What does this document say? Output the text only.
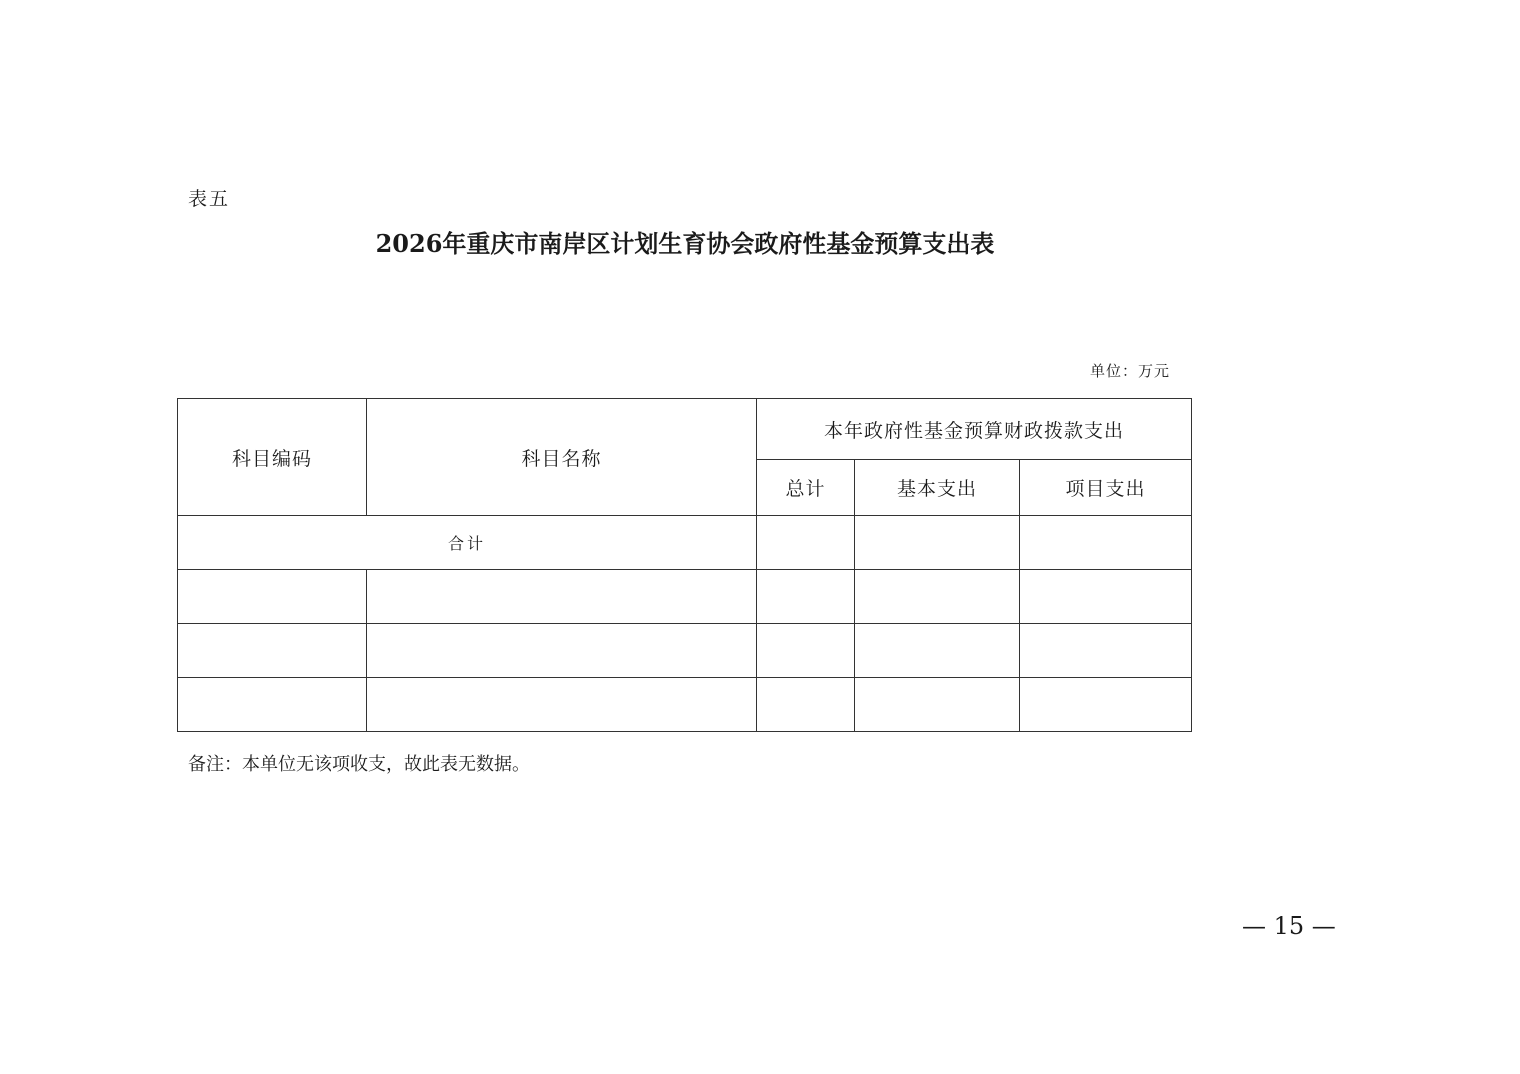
表五
2026年重庆市南岸区计划生育协会政府性基金预算支出表
单位：万元
科目编码	科目名称	本年政府性基金预算财政拨款支出		
		总计	基本支出	项目支出
合计				

备注：本单位无该项收支，故此表无数据。
— 15 —
